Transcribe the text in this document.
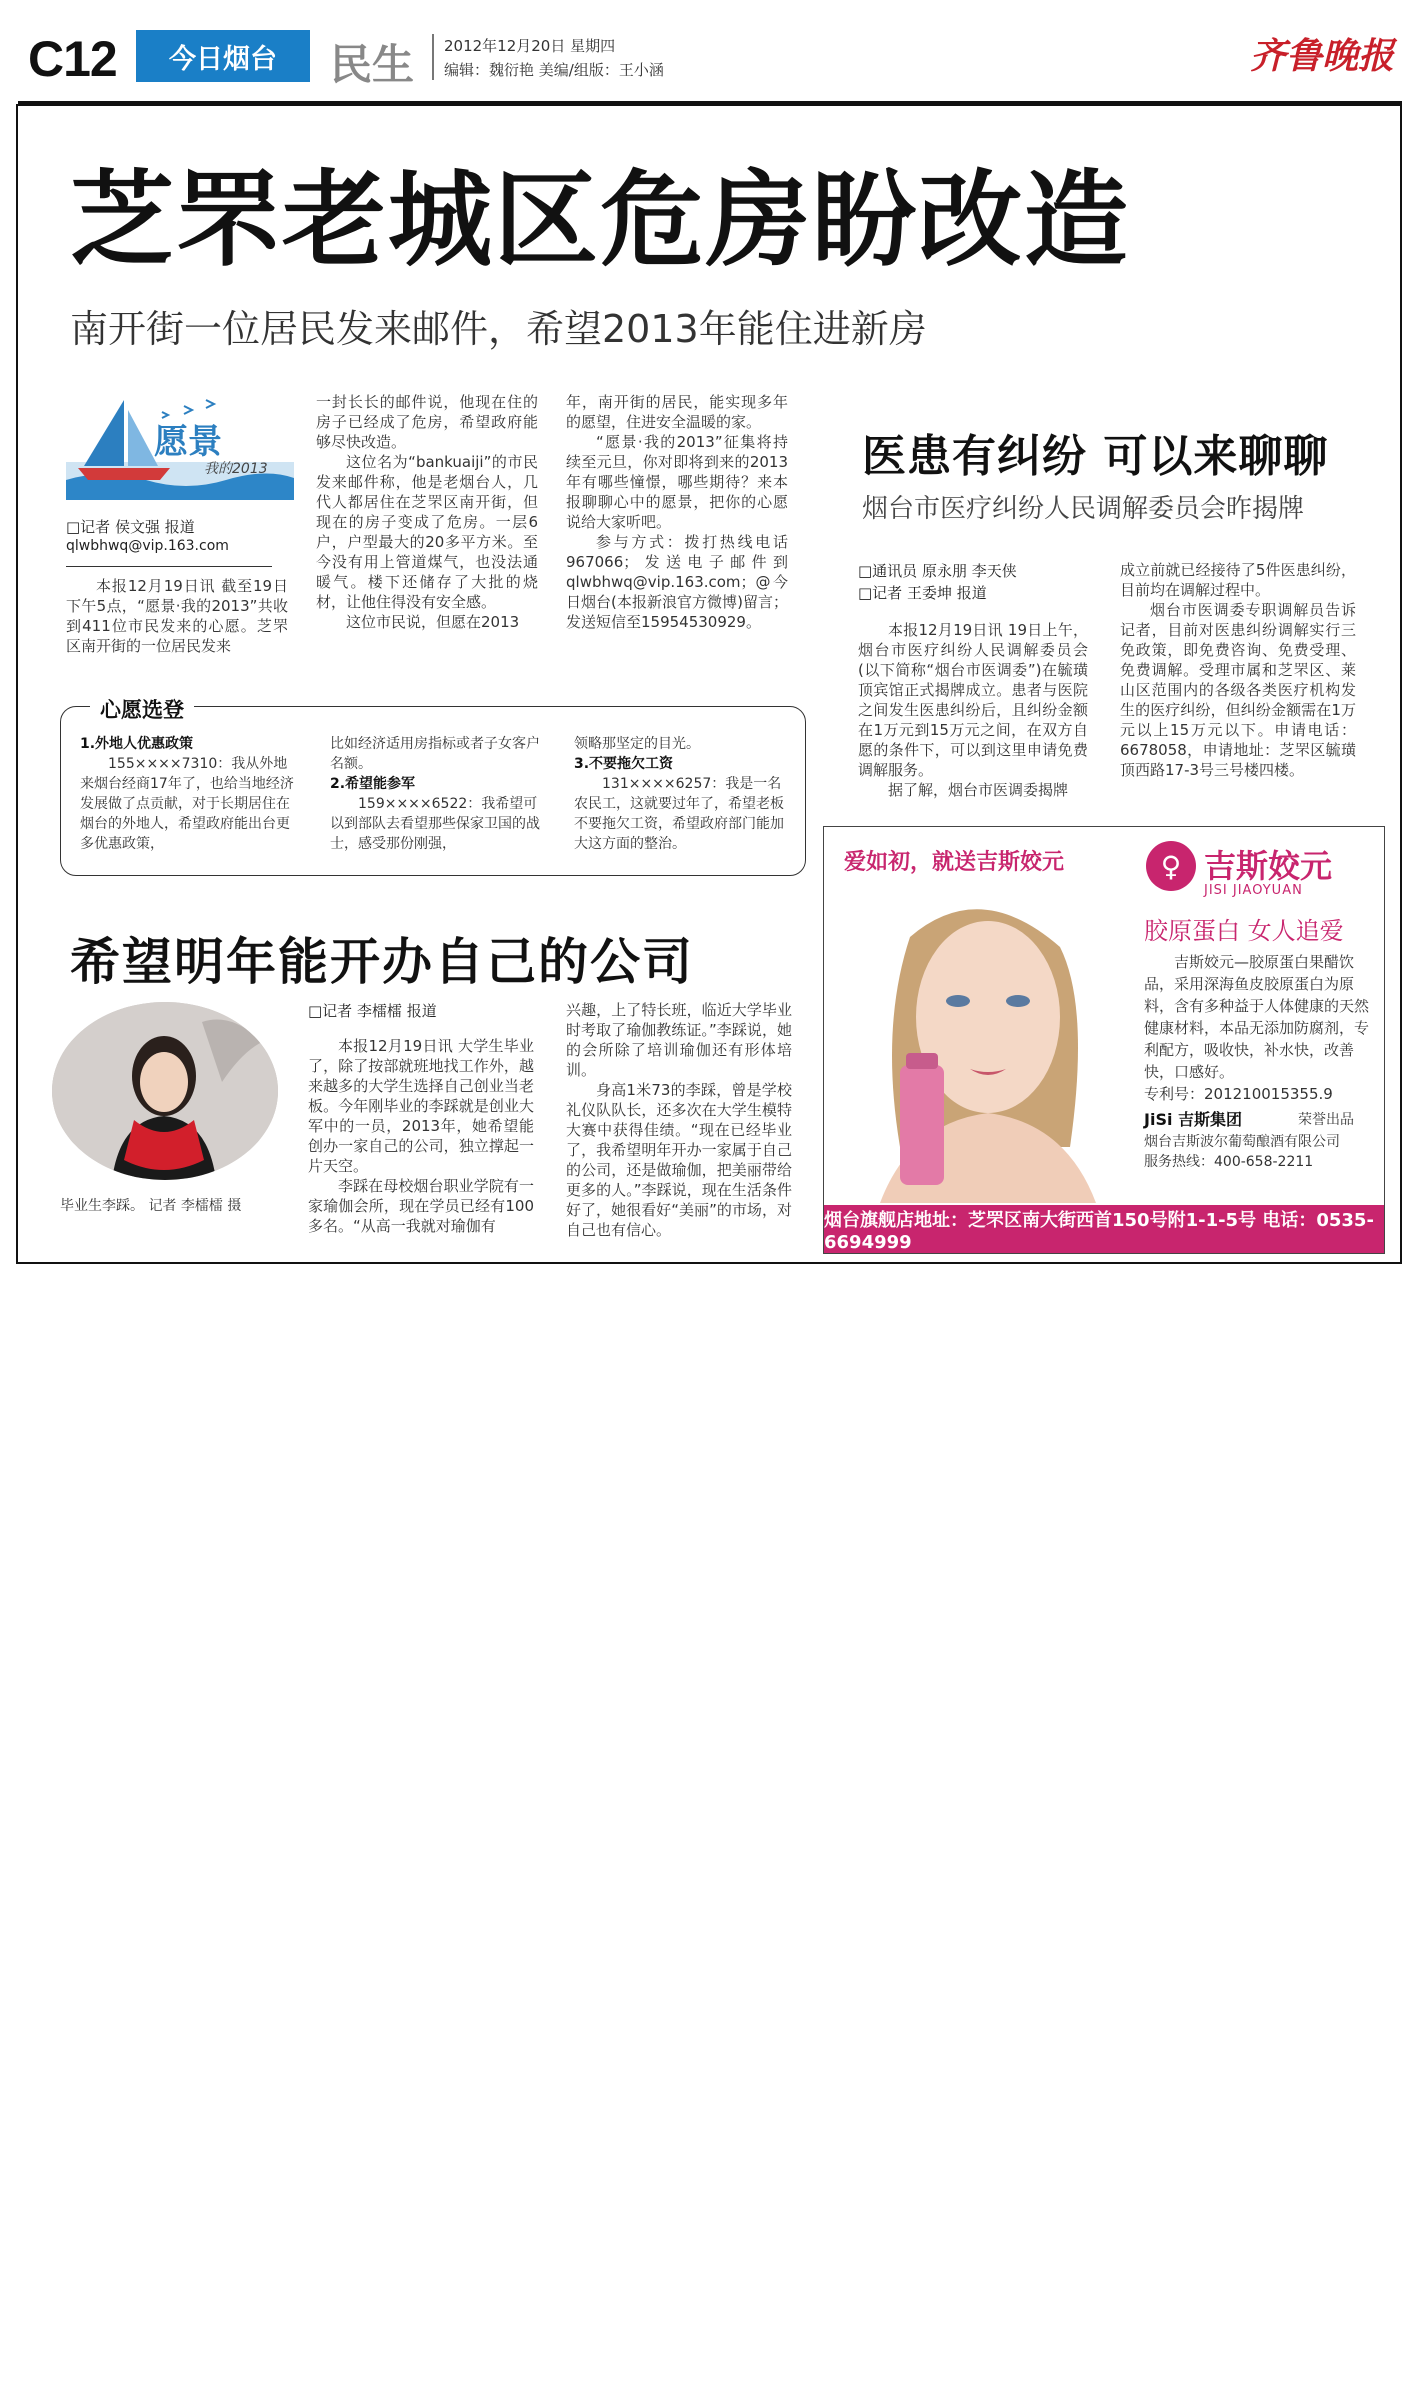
C12	今日烟台	民生 2012年12月20日 星期四
编辑：魏衍艳 美编/组版：王小涵	齐鲁晚报
芝罘老城区危房盼改造
南开街一位居民发来邮件，希望2013年能住进新房
愿景
我的2013
□记者 侯文强 报道
qlwbhwq@vip.163.com

本报12月19日讯 截至19日下午5点，“愿景·我的2013”共收到411位市民发来的心愿。芝罘区南开街的一位居民发来

一封长长的邮件说，他现在住的房子已经成了危房，希望政府能够尽快改造。

这位名为“bankuaiji”的市民发来邮件称，他是老烟台人，几代人都居住在芝罘区南开街，但现在的房子变成了危房。一层6户，户型最大的20多平方米。至今没有用上管道煤气，也没法通暖气。楼下还储存了大批的烧材，让他住得没有安全感。

这位市民说，但愿在2013

年，南开街的居民，能实现多年的愿望，住进安全温暖的家。

“愿景·我的2013”征集将持续至元旦，你对即将到来的2013年有哪些憧憬，哪些期待？来本报聊聊心中的愿景，把你的心愿说给大家听吧。

参与方式：拨打热线电话967066；发送电子邮件到qlwbhwq@vip.163.com；@今日烟台(本报新浪官方微博)留言；发送短信至15954530929。

心愿选登
1.外地人优惠政策
155××××7310：我从外地来烟台经商17年了，也给当地经济发展做了点贡献，对于长期居住在烟台的外地人，希望政府能出台更多优惠政策，
比如经济适用房指标或者子女客户名额。
2.希望能参军
159××××6522：我希望可以到部队去看望那些保家卫国的战士，感受那份刚强，
领略那坚定的目光。
3.不要拖欠工资
131××××6257：我是一名农民工，这就要过年了，希望老板不要拖欠工资，希望政府部门能加大这方面的整治。
医患有纠纷 可以来聊聊
烟台市医疗纠纷人民调解委员会昨揭牌
□通讯员 原永朋 李天侠
□记者 王委坤 报道

本报12月19日讯 19日上午，烟台市医疗纠纷人民调解委员会(以下简称“烟台市医调委”)在毓璜顶宾馆正式揭牌成立。患者与医院之间发生医患纠纷后，且纠纷金额在1万元到15万元之间，在双方自愿的条件下，可以到这里申请免费调解服务。

据了解，烟台市医调委揭牌

成立前就已经接待了5件医患纠纷，目前均在调解过程中。

烟台市医调委专职调解员告诉记者，目前对医患纠纷调解实行三免政策，即免费咨询、免费受理、免费调解。受理市属和芝罘区、莱山区范围内的各级各类医疗机构发生的医疗纠纷，但纠纷金额需在1万元以上15万元以下。申请电话：6678058，申请地址：芝罘区毓璜顶西路17-3号三号楼四楼。

希望明年能开办自己的公司
毕业生李踩。 记者 李檑檑 摄
□记者 李檑檑 报道

本报12月19日讯 大学生毕业了，除了按部就班地找工作外，越来越多的大学生选择自己创业当老板。今年刚毕业的李踩就是创业大军中的一员，2013年，她希望能创办一家自己的公司，独立撑起一片天空。

李踩在母校烟台职业学院有一家瑜伽会所，现在学员已经有100多名。“从高一我就对瑜伽有

兴趣，上了特长班，临近大学毕业时考取了瑜伽教练证。”李踩说，她的会所除了培训瑜伽还有形体培训。

身高1米73的李踩，曾是学校礼仪队队长，还多次在大学生模特大赛中获得佳绩。“现在已经毕业了，我希望明年开办一家属于自己的公司，还是做瑜伽，把美丽带给更多的人。”李踩说，现在生活条件好了，她很看好“美丽”的市场，对自己也有信心。

爱如初，就送吉斯姣元	♀ 吉斯姣元
JISI JIAOYUAN
胶原蛋白 女人追爱
吉斯姣元—胶原蛋白果醋饮品，采用深海鱼皮胶原蛋白为原料，含有多种益于人体健康的天然健康材料，本品无添加防腐剂，专利配方，吸收快，补水快，改善快，口感好。
专利号：201210015355.9
JiSi 吉斯集团	荣誉出品
烟台吉斯波尔葡萄酿酒有限公司
服务热线：400-658-2211
烟台旗舰店地址：芝罘区南大街西首150号附1-1-5号 电话：0535-6694999
